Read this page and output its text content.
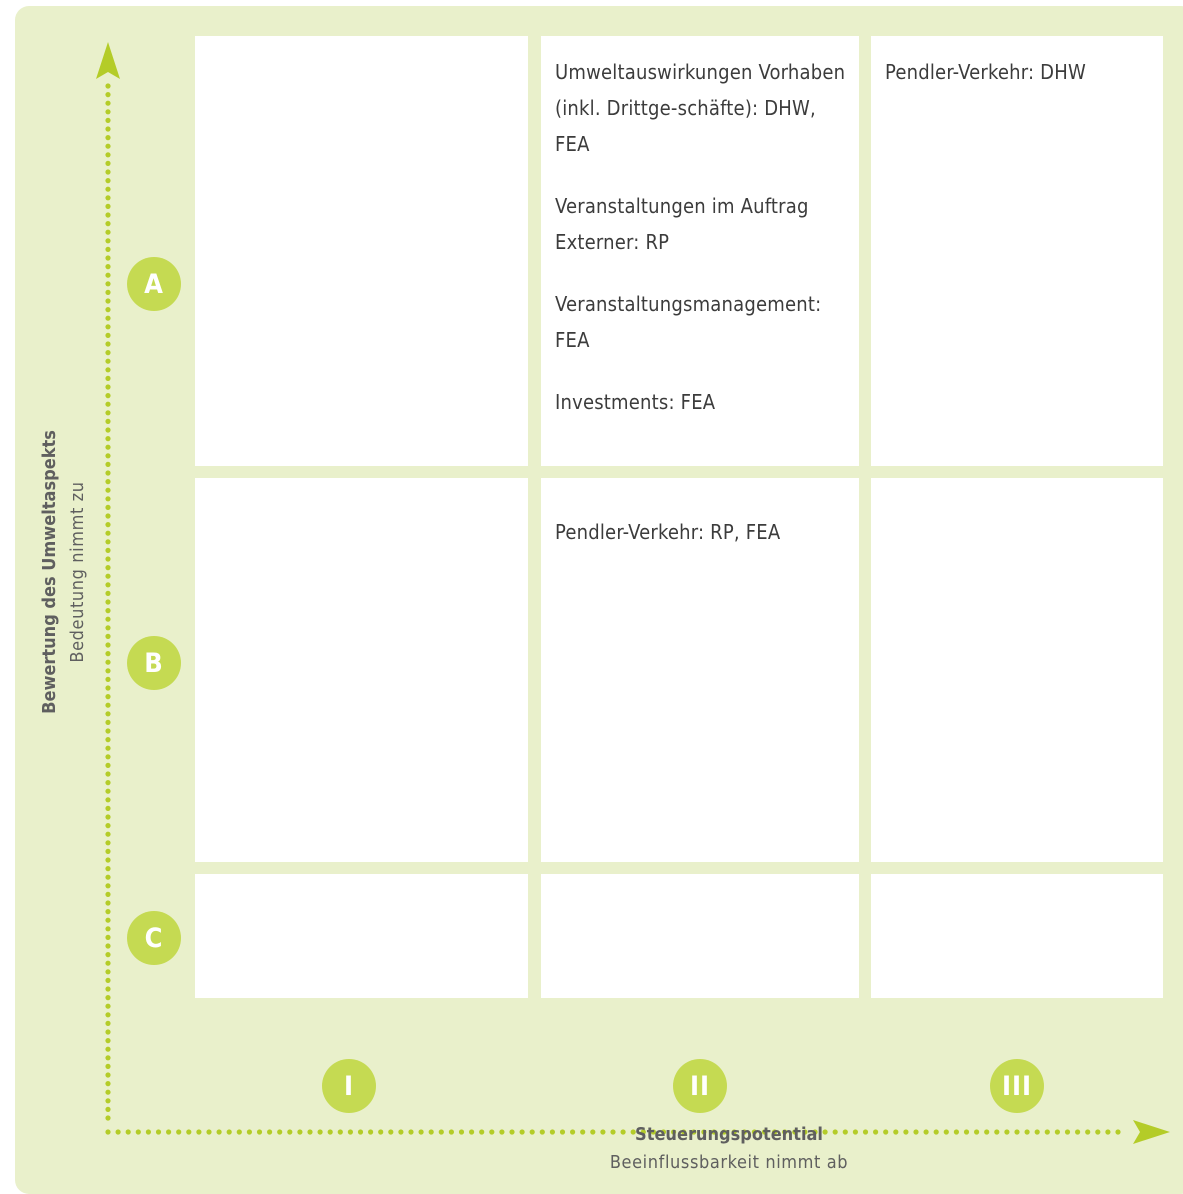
Umweltauswirkungen Vorhaben (inkl. Drittge-schäfte): DHW, FEA
Veranstaltungen im Auftrag Externer: RP
Veranstaltungsmanagement: FEA
Investments: FEA
Pendler-Verkehr: DHW
Pendler-Verkehr: RP, FEA
A
B
C
I	II	III
Bewertung des Umweltaspekts Bedeutung nimmt zu
Steuerungspotential
Beeinflussbarkeit nimmt ab
